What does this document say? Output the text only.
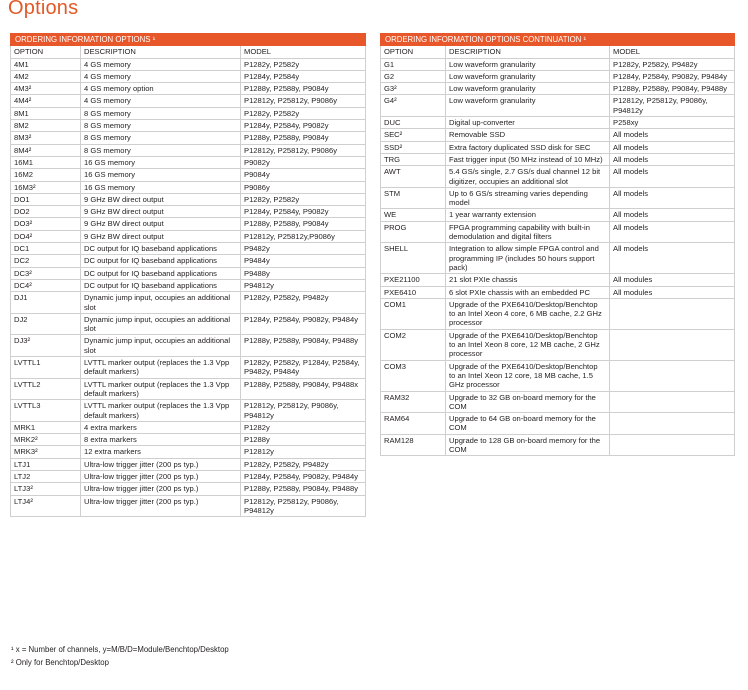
Options
ORDERING INFORMATION OPTIONS ¹		
OPTION	DESCRIPTION	MODEL
4M1	4 GS memory	P1282y, P2582y
4M2	4 GS memory	P1284y, P2584y
4M3²	4 GS memory option	P1288y, P2588y, P9084y
4M4²	4 GS memory	P12812y, P25812y, P9086y
8M1	8 GS memory	P1282y, P2582y
8M2	8 GS memory	P1284y, P2584y, P9082y
8M3²	8 GS memory	P1288y, P2588y, P9084y
8M4²	8 GS memory	P12812y, P25812y, P9086y
16M1	16 GS memory	P9082y
16M2	16 GS memory	P9084y
16M3²	16 GS memory	P9086y
DO1	9 GHz BW direct output	P1282y, P2582y
DO2	9 GHz BW direct output	P1284y, P2584y, P9082y
DO3²	9 GHz BW direct output	P1288y, P2588y, P9084y
DO4²	9 GHz BW direct output	P12812y, P25812y,P9086y
DC1	DC output for IQ baseband applications	P9482y
DC2	DC output for IQ baseband applications	P9484y
DC3²	DC output for IQ baseband applications	P9488y
DC4²	DC output for IQ baseband applications	P94812y
DJ1	Dynamic jump input, occupies an additional slot	P1282y, P2582y, P9482y
DJ2	Dynamic jump input, occupies an additional slot	P1284y, P2584y, P9082y, P9484y
DJ3²	Dynamic jump input, occupies an additional slot	P1288y, P2588y, P9084y, P9488y
LVTTL1	LVTTL marker output (replaces the 1.3 Vpp default markers)	P1282y, P2582y, P1284y, P2584y, P9482y, P9484y
LVTTL2	LVTTL marker output (replaces the 1.3 Vpp default markers)	P1288y, P2588y, P9084y, P9488x
LVTTL3	LVTTL marker output (replaces the 1.3 Vpp default markers)	P12812y, P25812y, P9086y, P94812y
MRK1	4 extra markers	P1282y
MRK2²	8 extra markers	P1288y
MRK3²	12 extra markers	P12812y
LTJ1	Ultra-low trigger jitter (200 ps typ.)	P1282y, P2582y, P9482y
LTJ2	Ultra-low trigger jitter (200 ps typ.)	P1284y, P2584y, P9082y, P9484y
LTJ3²	Ultra-low trigger jitter (200 ps typ.)	P1288y, P2588y, P9084y, P9488y
LTJ4²	Ultra-low trigger jitter (200 ps typ.)	P12812y, P25812y, P9086y, P94812y
ORDERING INFORMATION OPTIONS CONTINUATION ¹		
OPTION	DESCRIPTION	MODEL
G1	Low waveform granularity	P1282y, P2582y, P9482y
G2	Low waveform granularity	P1284y, P2584y, P9082y, P9484y
G3²	Low waveform granularity	P1288y, P2588y, P9084y, P9488y
G4²	Low waveform granularity	P12812y, P25812y, P9086y, P94812y
DUC	Digital up-converter	P258xy
SEC²	Removable SSD	All models
SSD²	Extra factory duplicated SSD disk for SEC	All models
TRG	Fast trigger input (50 MHz instead of 10 MHz)	All models
AWT	5.4 GS/s single, 2.7 GS/s dual channel 12 bit digitizer, occupies an additional slot	All models
STM	Up to 6 GS/s streaming varies depending model	All models
WE	1 year warranty extension	All models
PROG	FPGA programming capability with built-in demodulation and digital filters	All models
SHELL	Integration to allow simple FPGA control and programming IP (includes 50 hours support pack)	All models
PXE21100	21 slot PXIe chassis	All modules
PXE6410	6 slot PXIe chassis with an embedded PC	All modules
COM1	Upgrade of the PXE6410/Desktop/Benchtop to an Intel Xeon 4 core, 6 MB cache, 2.2 GHz processor	
COM2	Upgrade of the PXE6410/Desktop/Benchtop to an Intel Xeon 8 core, 12 MB cache, 2 GHz processor	
COM3	Upgrade of the PXE6410/Desktop/Benchtop to an Intel Xeon 12 core, 18 MB cache, 1.5 GHz processor	
RAM32	Upgrade to 32 GB on-board memory for the COM	
RAM64	Upgrade to 64 GB on-board memory for the COM	
RAM128	Upgrade to 128 GB on-board memory for the COM	
¹ x = Number of channels, y=M/B/D=Module/Benchtop/Desktop
² Only for Benchtop/Desktop
